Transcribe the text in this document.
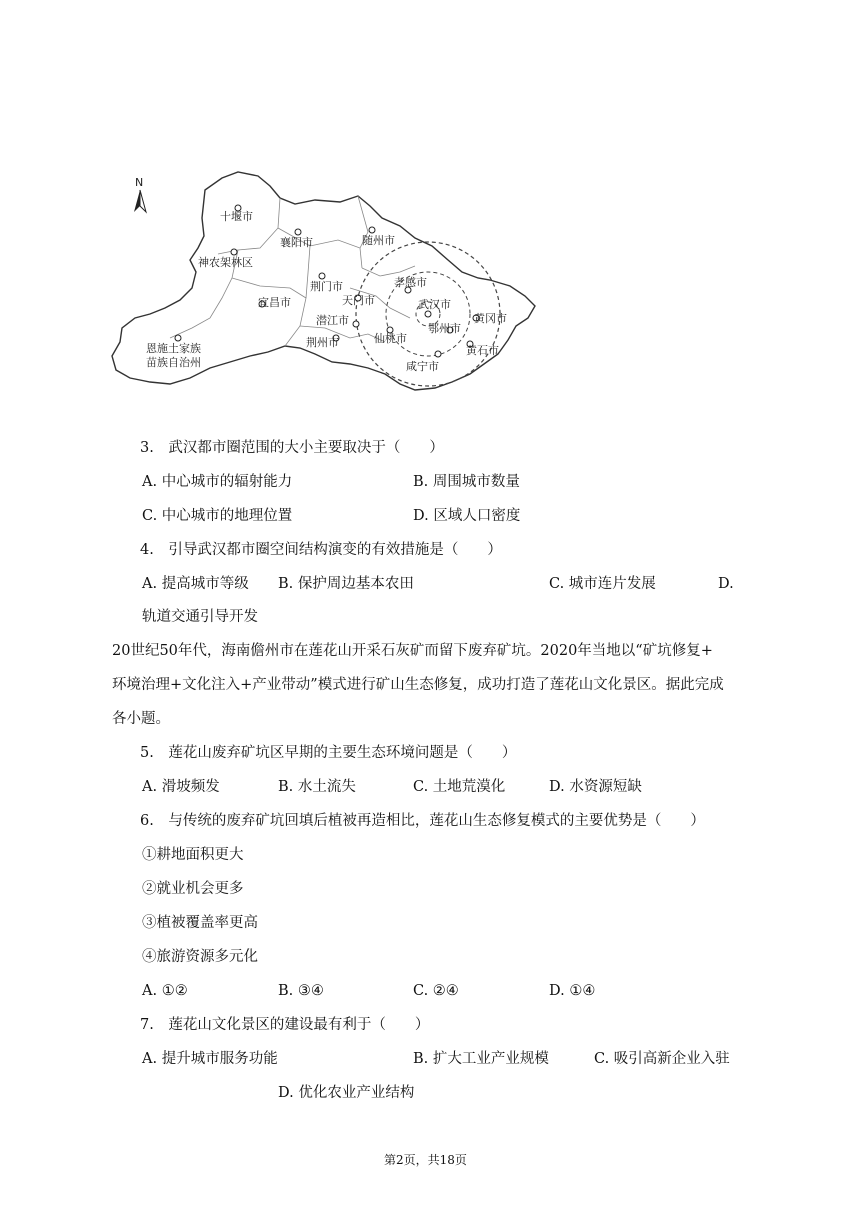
N
十堰市
襄阳市	随州市
神农架林区
荆门市	孝感市
天门市
宜昌市	武汉市
黄冈市
潜江市
鄂州市
恩施土家族
苗族自治州
荆州市	仙桃市
黄石市
咸宁市
3.　武汉都市圈范围的大小主要取决于（　　）
A. 中心城市的辐射能力	B. 周围城市数量
C. 中心城市的地理位置	D. 区域人口密度
4.　引导武汉都市圈空间结构演变的有效措施是（　　）
A. 提高城市等级 B. 保护周边基本农田	C. 城市连片发展	D.
轨道交通引导开发
20世纪50年代，海南儋州市在莲花山开采石灰矿而留下废弃矿坑。2020年当地以“矿坑修复+
环境治理+文化注入+产业带动”模式进行矿山生态修复，成功打造了莲花山文化景区。据此完成
各小题。
5.　莲花山废弃矿坑区早期的主要生态环境问题是（　　）
A. 滑坡频发	B. 水土流失	C. 土地荒漠化	D. 水资源短缺
6.　与传统的废弃矿坑回填后植被再造相比，莲花山生态修复模式的主要优势是（　　）
①耕地面积更大
②就业机会更多
③植被覆盖率更高
④旅游资源多元化
A. ①②	B. ③④	C. ②④	D. ①④
7.　莲花山文化景区的建设最有利于（　　）
A. 提升城市服务功能	B. 扩大工业产业规模	C. 吸引高新企业入驻
D. 优化农业产业结构
第2页，共18页
